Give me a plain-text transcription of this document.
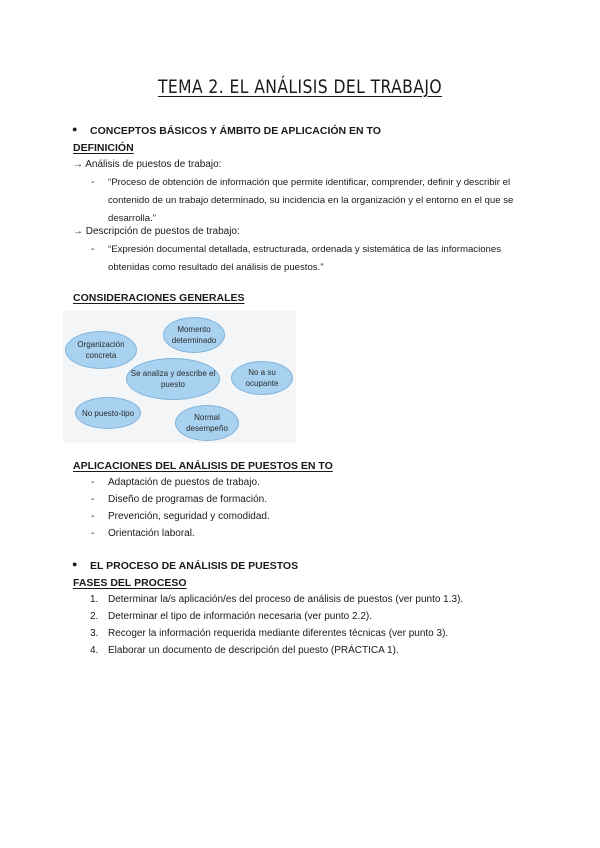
TEMA 2. EL ANÁLISIS DEL TRABAJO
● CONCEPTOS BÁSICOS Y ÁMBITO DE APLICACIÓN EN TO
DEFINICIÓN
→ Análisis de puestos de trabajo:
- “Proceso de obtención de información que permite identificar, comprender, definir y describir el contenido de un trabajo determinado, su incidencia en la organización y el entorno en el que se desarrolla.”
→ Descripción de puestos de trabajo:
- “Expresión documental detallada, estructurada, ordenada y sistemática de las informaciones obtenidas como resultado del análisis de puestos.”
CONSIDERACIONES GENERALES
Organización concreta
Momento determinado
Se analiza y describe el puesto
No a su ocupante
No puesto-tipo	Normal desempeño
APLICACIONES DEL ANÁLISIS DE PUESTOS EN TO
- Adaptación de puestos de trabajo.
- Diseño de programas de formación.
- Prevención, seguridad y comodidad.
- Orientación laboral.
● EL PROCESO DE ANÁLISIS DE PUESTOS
FASES DEL PROCESO
1. Determinar la/s aplicación/es del proceso de análisis de puestos (ver punto 1.3).
2. Determinar el tipo de información necesaria (ver punto 2.2).
3. Recoger la información requerida mediante diferentes técnicas (ver punto 3).
4. Elaborar un documento de descripción del puesto (PRÁCTICA 1).
